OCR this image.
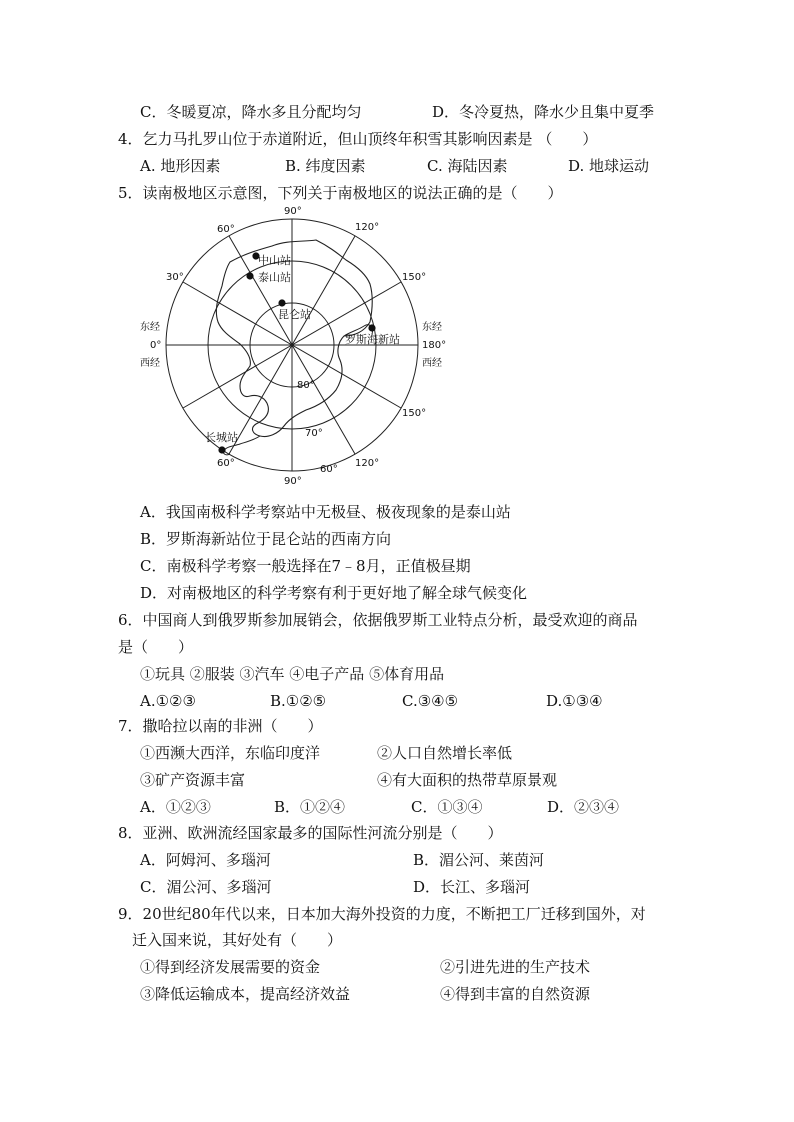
C．冬暖夏凉，降水多且分配均匀	D．冬冷夏热，降水少且集中夏季
4．乞力马扎罗山位于赤道附近，但山顶终年积雪其影响因素是 （　　）
A. 地形因素	B. 纬度因素	C. 海陆因素	D. 地球运动
5．读南极地区示意图，下列关于南极地区的说法正确的是（　　）
90°
120°
60°
30°	150°
东经
0°
西经
东经
180°
西经
150°
120°
60°
90°
60°
80°
70°
中山站
泰山站
昆仑站
罗斯海新站
长城站
A．我国南极科学考察站中无极昼、极夜现象的是泰山站
B．罗斯海新站位于昆仑站的西南方向
C．南极科学考察一般选择在7﹣8月，正值极昼期
D．对南极地区的科学考察有利于更好地了解全球气候变化
6．中国商人到俄罗斯参加展销会，依据俄罗斯工业特点分析，最受欢迎的商品
是（　　）
①玩具 ②服装 ③汽车 ④电子产品 ⑤体育用品
A.①②③	B.①②⑤	C.③④⑤	D.①③④
7．撒哈拉以南的非洲（　　）
①西濒大西洋，东临印度洋	②人口自然增长率低
③矿产资源丰富	④有大面积的热带草原景观
A．①②③	B．①②④	C．①③④	D．②③④
8．亚洲、欧洲流经国家最多的国际性河流分别是（　　）
A．阿姆河、多瑙河	B．湄公河、莱茵河
C．湄公河、多瑙河	D．长江、多瑙河
9．20世纪80年代以来，日本加大海外投资的力度，不断把工厂迁移到国外，对
迁入国来说，其好处有（　　）
①得到经济发展需要的资金	②引进先进的生产技术
③降低运输成本，提高经济效益	④得到丰富的自然资源
